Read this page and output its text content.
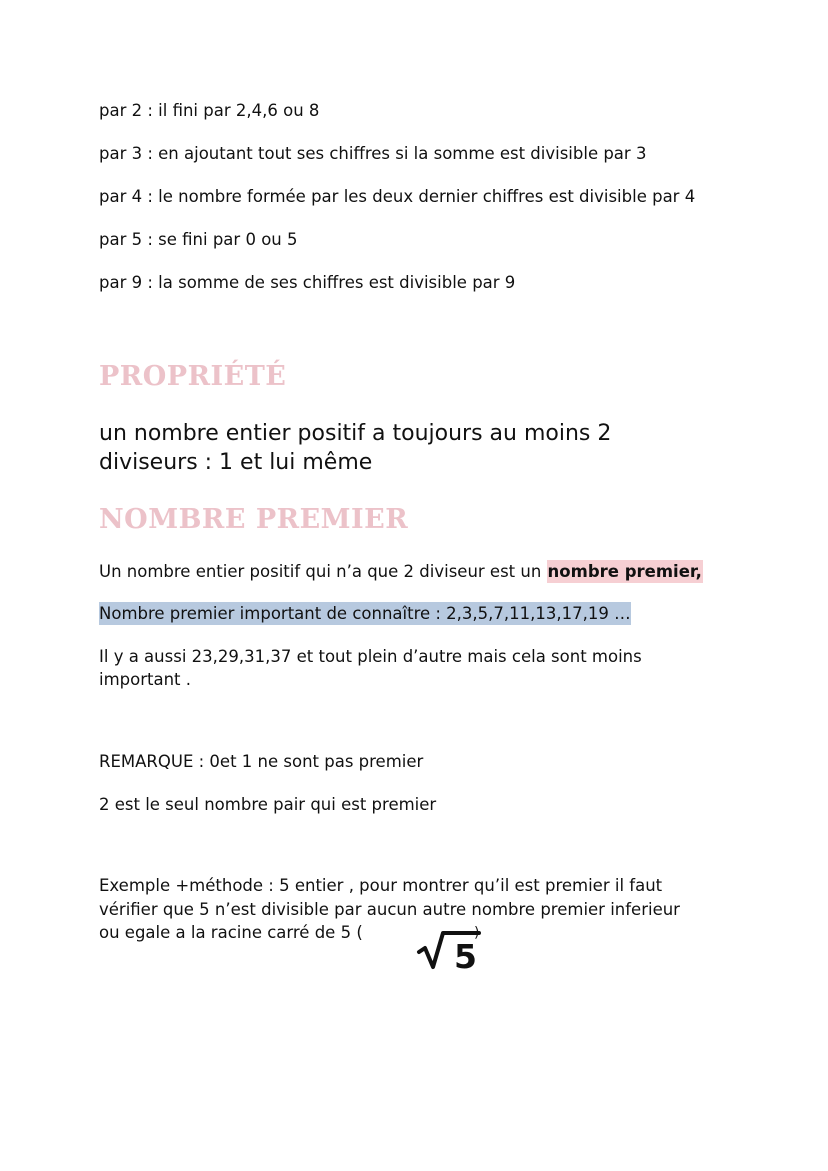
par 2 : il fini par 2,4,6 ou 8

par 3 : en ajoutant tout ses chiffres si la somme est divisible par 3

par 4 : le nombre formée par les deux dernier chiffres est divisible par 4

par 5 : se fini par 0 ou 5

par 9 : la somme de ses chiffres est divisible par 9

PROPRIÉTÉ

un nombre entier positif a toujours au moins 2

diviseurs : 1 et lui même

NOMBRE PREMIER

Un nombre entier positif qui n’a que 2 diviseur est un nombre premier,

Nombre premier important de connaître : 2,3,5,7,11,13,17,19 …

Il y a aussi 23,29,31,37 et tout plein d’autre mais cela sont moins

important .

REMARQUE : 0et 1 ne sont pas premier

2 est le seul nombre pair qui est premier

Exemple +méthode : 5 entier , pour montrer qu’il est premier il faut

vérifier que 5 n’est divisible par aucun autre nombre premier inferieur

ou egale a la racine carré de 5 (

5
)
